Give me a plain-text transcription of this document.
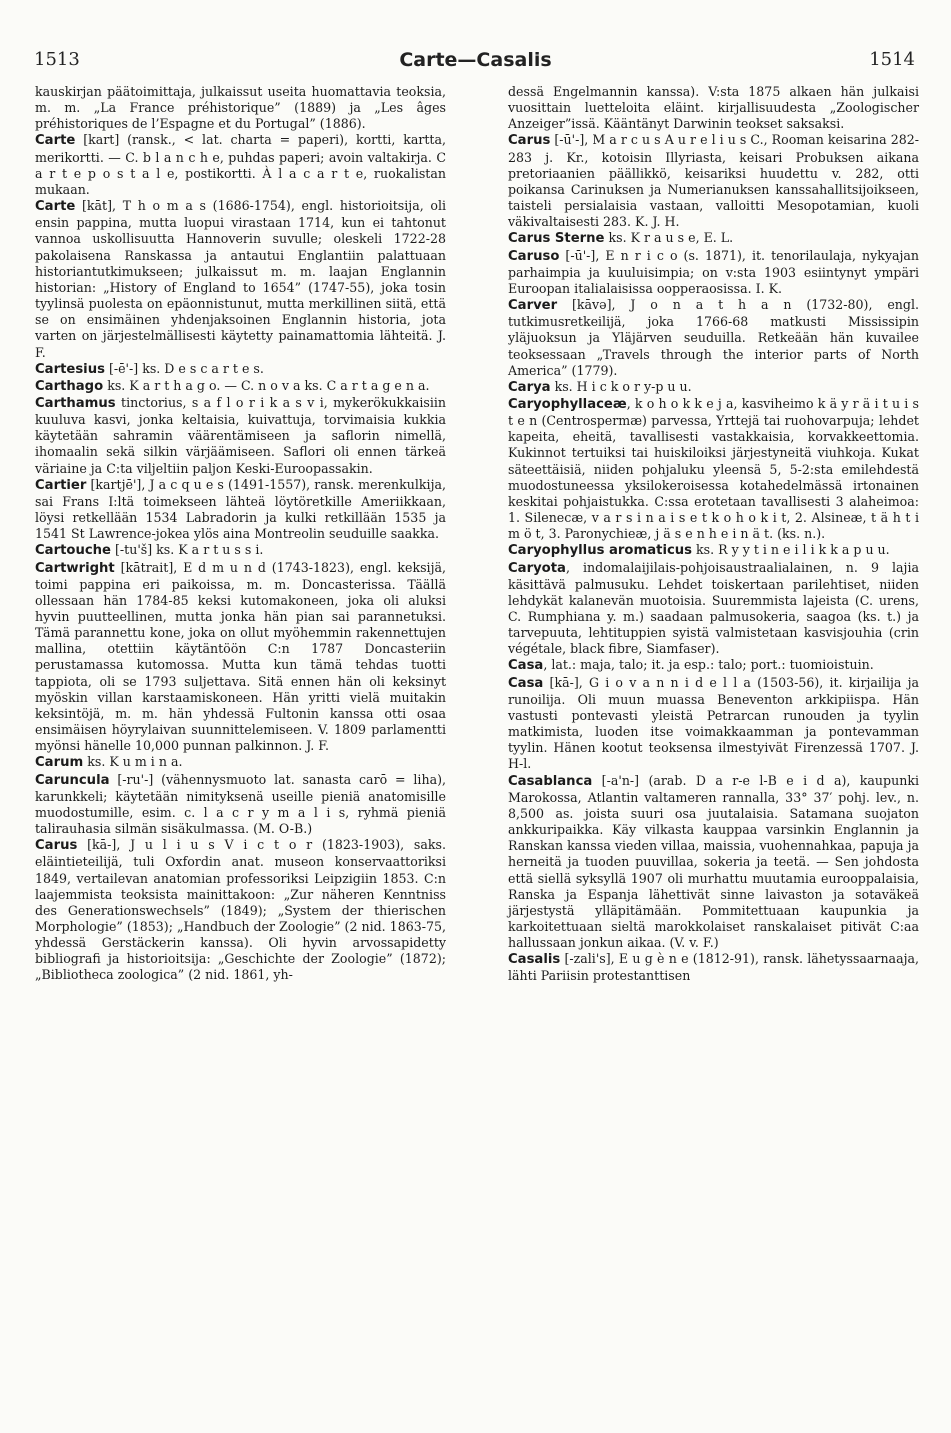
1513	Carte—Casalis	1514
kauskirjan päätoimittaja, julkaissut useita huomattavia teoksia, m. m. „La France préhistorique” (1889) ja „Les âges préhistoriques de l’Espagne et du Portugal” (1886).
Carte [kart] (ransk., < lat. charta = paperi), kortti, kartta, merikortti. — C. b l a n c h e, puhdas paperi; avoin valtakirja. C a r t e p o s t a l e, postikortti. À l a c a r t e, ruokalistan mukaan.
Carte [kāt], T h o m a s (1686-1754), engl. historioitsija, oli ensin pappina, mutta luopui virastaan 1714, kun ei tahtonut vannoa uskollisuutta Hannoverin suvulle; oleskeli 1722-28 pakolaisena Ranskassa ja antautui Englantiin palattuaan historiantutkimukseen; julkaissut m. m. laajan Englannin historian: „History of England to 1654” (1747-55), joka tosin tyylinsä puolesta on epäonnistunut, mutta merkillinen siitä, että se on ensimäinen yhdenjaksoinen Englannin historia, jota varten on järjestelmällisesti käytetty painamattomia lähteitä. J. F.
Cartesius [-ē'-] ks. D e s c a r t e s.
Carthago ks. K a r t h a g o. — C. n o v a ks. C a r t a g e n a.
Carthamus tinctorius, s a f l o r i k a s v i, mykerökukkaisiin kuuluva kasvi, jonka keltaisia, kuivattuja, torvimaisia kukkia käytetään sahramin väärentämiseen ja saflorin nimellä, ihomaalin sekä silkin värjäämiseen. Saflori oli ennen tärkeä väriaine ja C:ta viljeltiin paljon Keski-Euroopassakin.
Cartier [kartjē'], J a c q u e s (1491-1557), ransk. merenkulkija, sai Frans I:ltä toimekseen lähteä löytöretkille Ameriikkaan, löysi retkellään 1534 Labradorin ja kulki retkillään 1535 ja 1541 St Lawrence-jokea ylös aina Montreolin seuduille saakka.
Cartouche [-tu'š] ks. K a r t u s s i.
Cartwright [kātrait], E d m u n d (1743-1823), engl. keksijä, toimi pappina eri paikoissa, m. m. Doncasterissa. Täällä ollessaan hän 1784-85 keksi kutomakoneen, joka oli aluksi hyvin puutteellinen, mutta jonka hän pian sai parannetuksi. Tämä parannettu kone, joka on ollut myöhemmin rakennettujen mallina, otettiin käytäntöön C:n 1787 Doncasteriin perustamassa kutomossa. Mutta kun tämä tehdas tuotti tappiota, oli se 1793 suljettava. Sitä ennen hän oli keksinyt myöskin villan karstaamiskoneen. Hän yritti vielä muitakin keksintöjä, m. m. hän yhdessä Fultonin kanssa otti osaa ensimäisen höyrylaivan suunnittelemiseen. V. 1809 parlamentti myönsi hänelle 10,000 punnan palkinnon. J. F.
Carum ks. K u m i n a.
Caruncula [-ru'-] (vähennysmuoto lat. sanasta carō = liha), karunkkeli; käytetään nimityksenä useille pieniä anatomisille muodostumille, esim. c. l a c r y m a l i s, ryhmä pieniä talirauhasia silmän sisäkulmassa. (M. O-B.)
Carus [kā-], J u l i u s V i c t o r (1823-1903), saks. eläintieteilijä, tuli Oxfordin anat. museon konservaattoriksi 1849, vertailevan anatomian professoriksi Leipzigiin 1853. C:n laajemmista teoksista mainittakoon: „Zur näheren Kenntniss des Generationswechsels” (1849); „System der thierischen Morphologie” (1853); „Handbuch der Zoologie” (2 nid. 1863-75, yhdessä Gerstäckerin kanssa). Oli hyvin arvossapidetty bibliografi ja historioitsija: „Geschichte der Zoologie” (1872); „Bibliotheca zoologica” (2 nid. 1861, yh-
dessä Engelmannin kanssa). V:sta 1875 alkaen hän julkaisi vuosittain luetteloita eläint. kirjallisuudesta „Zoologischer Anzeiger”issä. Kääntänyt Darwinin teokset saksaksi.
Carus [-ū'-], M a r c u s A u r e l i u s C., Rooman keisarina 282-283 j. Kr., kotoisin Illyriasta, keisari Probuksen aikana pretoriaanien päällikkö, keisariksi huudettu v. 282, otti poikansa Carinuksen ja Numerianuksen kanssahallitsijoikseen, taisteli persialaisia vastaan, valloitti Mesopotamian, kuoli väkivaltaisesti 283. K. J. H.
Carus Sterne ks. K r a u s e, E. L.
Caruso [-ū'-], E n r i c o (s. 1871), it. tenorilaulaja, nykyajan parhaimpia ja kuuluisimpia; on v:sta 1903 esiintynyt ympäri Euroopan italialaisissa oopperaosissa. I. K.
Carver [kāvə], J o n a t h a n (1732-80), engl. tutkimusretkeilijä, joka 1766-68 matkusti Mississipin yläjuoksun ja Yläjärven seuduilla. Retkeään hän kuvailee teoksessaan „Travels through the interior parts of North America” (1779).
Carya ks. H i c k o r y-p u u.
Caryophyllaceæ, k o h o k k e j a, kasviheimo k ä y r ä i t u i s t e n (Centrospermæ) parvessa, Yrttejä tai ruohovarpuja; lehdet kapeita, eheitä, tavallisesti vastakkaisia, korvakkeettomia. Kukinnot tertuiksi tai huiskiloiksi järjestyneitä viuhkoja. Kukat säteettäisiä, niiden pohjaluku yleensä 5, 5-2:sta emilehdestä muodostuneessa yksilokeroisessa kotahedelmässä irtonainen keskitai pohjaistukka. C:ssa erotetaan tavallisesti 3 alaheimoa: 1. Silenecæ, v a r s i n a i s e t k o h o k i t, 2. Alsineæ, t ä h t i m ö t, 3. Paronychieæ, j ä s e n h e i n ä t. (ks. n.).
Caryophyllus aromaticus ks. R y y t i n e i l i k k a p u u.
Caryota, indomalaijilais-pohjoisaustraalialainen, n. 9 lajia käsittävä palmusuku. Lehdet toiskertaan parilehtiset, niiden lehdykät kalanevän muotoisia. Suuremmista lajeista (C. urens, C. Rumphiana y. m.) saadaan palmusokeria, saagoa (ks. t.) ja tarvepuuta, lehtituppien syistä valmistetaan kasvisjouhia (crin végétale, black fibre, Siamfaser).
Casa, lat.: maja, talo; it. ja esp.: talo; port.: tuomioistuin.
Casa [kā-], G i o v a n n i d e l l a (1503-56), it. kirjailija ja runoilija. Oli muun muassa Beneventon arkkipiispa. Hän vastusti pontevasti yleistä Petrarcan runouden ja tyylin matkimista, luoden itse voimakkaamman ja pontevamman tyylin. Hänen kootut teoksensa ilmestyivät Firenzessä 1707. J. H-l.
Casablanca [-a'n-] (arab. D a r-e l-B e i d a), kaupunki Marokossa, Atlantin valtameren rannalla, 33° 37′ pohj. lev., n. 8,500 as. joista suuri osa juutalaisia. Satamana suojaton ankkuripaikka. Käy vilkasta kauppaa varsinkin Englannin ja Ranskan kanssa vieden villaa, maissia, vuohennahkaa, papuja ja herneitä ja tuoden puuvillaa, sokeria ja teetä. — Sen johdosta että siellä syksyllä 1907 oli murhattu muutamia eurooppalaisia, Ranska ja Espanja lähettivät sinne laivaston ja sotaväkeä järjestystä ylläpitämään. Pommitettuaan kaupunkia ja karkoitettuaan sieltä marokkolaiset ranskalaiset pitivät C:aa hallussaan jonkun aikaa. (V. v. F.)
Casalis [-zali's], E u g è n e (1812-91), ransk. lähetyssaarnaaja, lähti Pariisin protestanttisen
